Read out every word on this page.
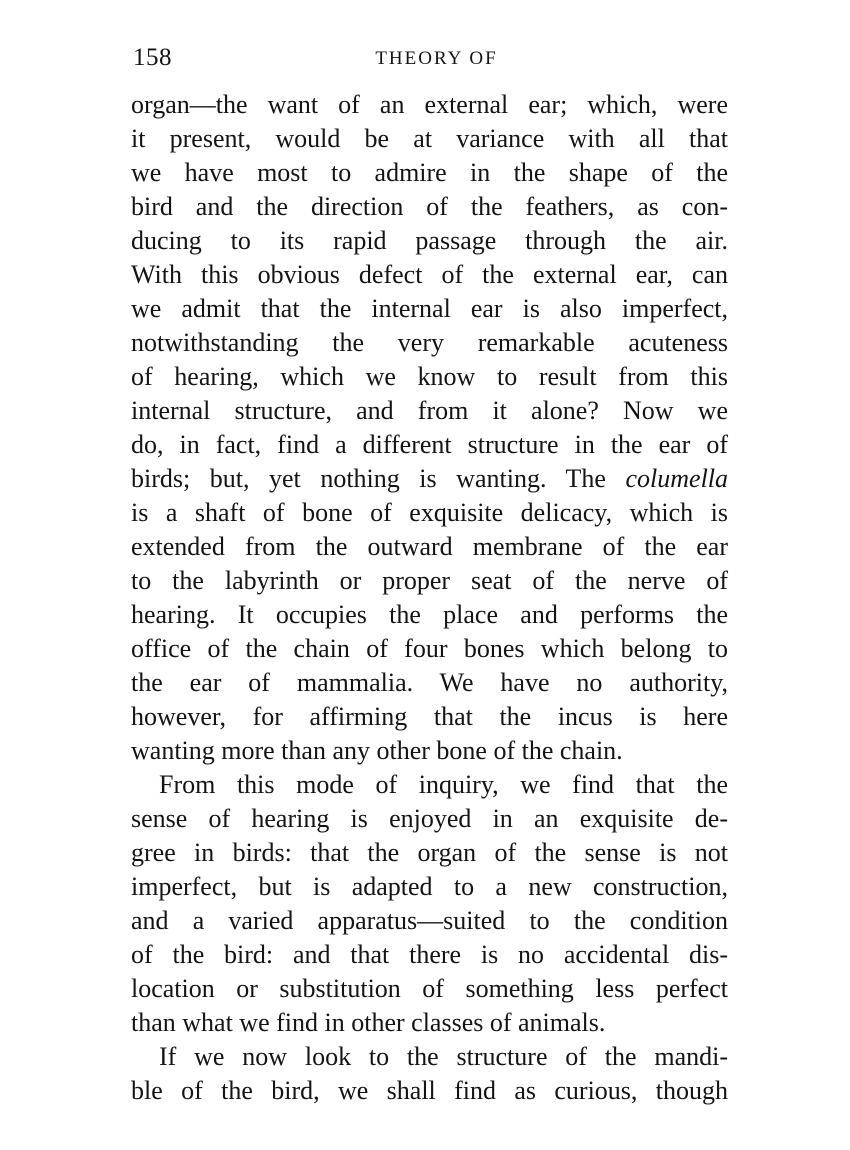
158	THEORY OF
organ—the want of an external ear; which, were
it present, would be at variance with all that
we have most to admire in the shape of the
bird and the direction of the feathers, as con-
ducing to its rapid passage through the air.
With this obvious defect of the external ear, can
we admit that the internal ear is also imperfect,
notwithstanding the very remarkable acuteness
of hearing, which we know to result from this
internal structure, and from it alone? Now we
do, in fact, find a different structure in the ear of
birds; but, yet nothing is wanting. The columella
is a shaft of bone of exquisite delicacy, which is
extended from the outward membrane of the ear
to the labyrinth or proper seat of the nerve of
hearing. It occupies the place and performs the
office of the chain of four bones which belong to
the ear of mammalia. We have no authority,
however, for affirming that the incus is here
wanting more than any other bone of the chain.
From this mode of inquiry, we find that the
sense of hearing is enjoyed in an exquisite de-
gree in birds: that the organ of the sense is not
imperfect, but is adapted to a new construction,
and a varied apparatus—suited to the condition
of the bird: and that there is no accidental dis-
location or substitution of something less perfect
than what we find in other classes of animals.
If we now look to the structure of the mandi-
ble of the bird, we shall find as curious, though
